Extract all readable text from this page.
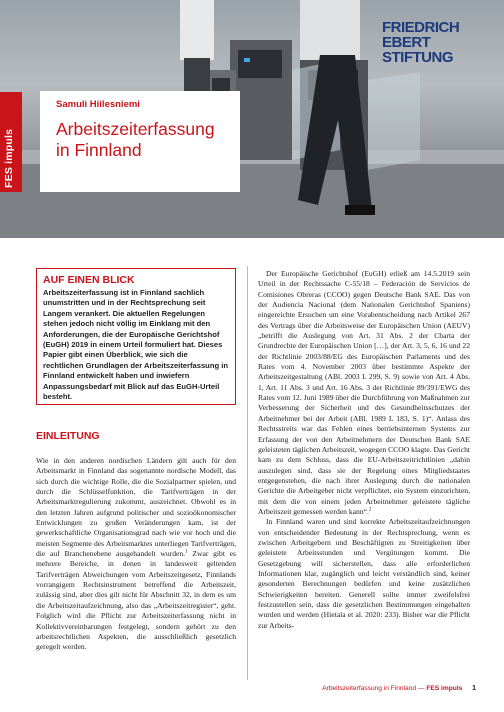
FES impuls
Samuli Hiilesniemi
Arbeitszeiterfassung
in Finnland
FRIEDRICH
EBERT
STIFTUNG
AUF EINEN BLICK
Arbeitszeiterfassung ist in Finnland sachlich unumstritten und in der Rechtsprechung seit Langem verankert. Die aktuellen Regelungen stehen jedoch nicht völlig im Einklang mit den Anforderungen, die der Europäische Gerichtshof (EuGH) 2019 in einem Urteil formuliert hat. Dieses Papier gibt einen Überblick, wie sich die rechtlichen Grundlagen der Arbeitszeiterfassung in Finnland entwickelt haben und inwiefern Anpassungsbedarf mit Blick auf das EuGH-Urteil besteht.
EINLEITUNG

Wie in den anderen nordischen Ländern gilt auch für den Arbeitsmarkt in Finnland das sogenannte nordische Modell, das sich durch die wichtige Rolle, die die Sozialpartner spielen, und durch die Schlüsselfunktion, die Tarifverträgen in der Arbeitsmarktregulierung zukommt, auszeichnet. Obwohl es in den letzten Jahren aufgrund politischer und sozioökonomischer Entwicklungen zu großen Veränderungen kam, ist der gewerkschaftliche Organisationsgrad nach wie vor hoch und die meisten Segmente des Arbeitsmarktes unterliegen Tarifverträgen, die auf Branchenebene ausgehandelt wurden.$^1$ Zwar gibt es mehrere Bereiche, in denen in landesweit geltenden Tarifverträgen Abweichungen vom Arbeitszeitgesetz, Finnlands vorrangigem Rechtsinstrument betreffend die Arbeitszeit, zulässig sind, aber dies gilt nicht für Abschnitt 32, in dem es um die Arbeitszeitaufzeichnung, also das „Arbeitszeitregister“, geht. Folglich wird die Pflicht zur Arbeitszeiterfassung nicht in Kollektivvereinbarungen festgelegt, sondern gehört zu den arbeitsrechtlichen Aspekten, die ausschließlich gesetzlich geregelt werden.

Der Europäische Gerichtshof (EuGH) erließ am 14.5.2019 sein Urteil in der Rechtssache C-55/18 – Federación de Servicios de Comisiones Obreras (CCOO) gegen Deutsche Bank SAE. Das von der Audiencia Nacional (dem Nationalen Gerichtshof Spaniens) eingereichte Ersuchen um eine Vorabentscheidung nach Artikel 267 des Vertrags über die Arbeitsweise der Europäischen Union (AEUV) „betrifft die Auslegung von Art. 31 Abs. 2 der Charta der Grundrechte der Europäischen Union […], der Art. 3, 5, 6, 16 und 22 der Richtlinie 2003/88/EG des Europäischen Parlaments und des Rates vom 4. November 2003 über bestimmte Aspekte der Arbeitszeitgestaltung (ABl. 2003 L 299, S. 9) sowie von Art. 4 Abs. 1, Art. 11 Abs. 3 und Art. 16 Abs. 3 der Richtlinie 89/391/EWG des Rates vom 12. Juni 1989 über die Durchführung von Maßnahmen zur Verbesserung der Sicherheit und des Gesundheitsschutzes der Arbeitnehmer bei der Arbeit (ABl. 1989 L 183, S. 1)“. Anlass des Rechtsstreits war das Fehlen eines betriebsinternen Systems zur Erfassung der von den Arbeitnehmern der Deutschen Bank SAE geleisteten täglichen Arbeitszeit, wogegen CCOO klagte. Das Gericht kam zu dem Schluss, dass die EU-Arbeitszeitrichtlinien „dahin auszulegen sind, dass sie der Regelung eines Mitgliedstaates entgegenstehen, die nach ihrer Auslegung durch die nationalen Gerichte die Arbeitgeber nicht verpflichtet, ein System einzurichten, mit dem die von einem jeden Arbeitnehmer geleistete tägliche Arbeitszeit gemessen werden kann“.$^2$

In Finnland waren und sind korrekte Arbeitszeitaufzeichnungen von entscheidender Bedeutung in der Rechtsprechung, wenn es zwischen Arbeitgebern und Beschäftigten zu Streitigkeiten über geleistete Arbeitsstunden und Vergütungen kommt. Die Gesetzgebung will sicherstellen, dass alle erforderlichen Informationen klar, zugänglich und leicht verständlich sind, keiner gesonderten Berechnungen bedürfen und keine zusätzlichen Schwierigkeiten bereiten. Generell sollte immer zweifelsfrei festzustellen sein, dass die gesetzlichen Bestimmungen eingehalten wurden und werden (Hietala et al. 2020: 233). Bisher war die Pflicht zur Arbeits-

Arbeitszeiterfassung in Finnland — FES impuls 1
